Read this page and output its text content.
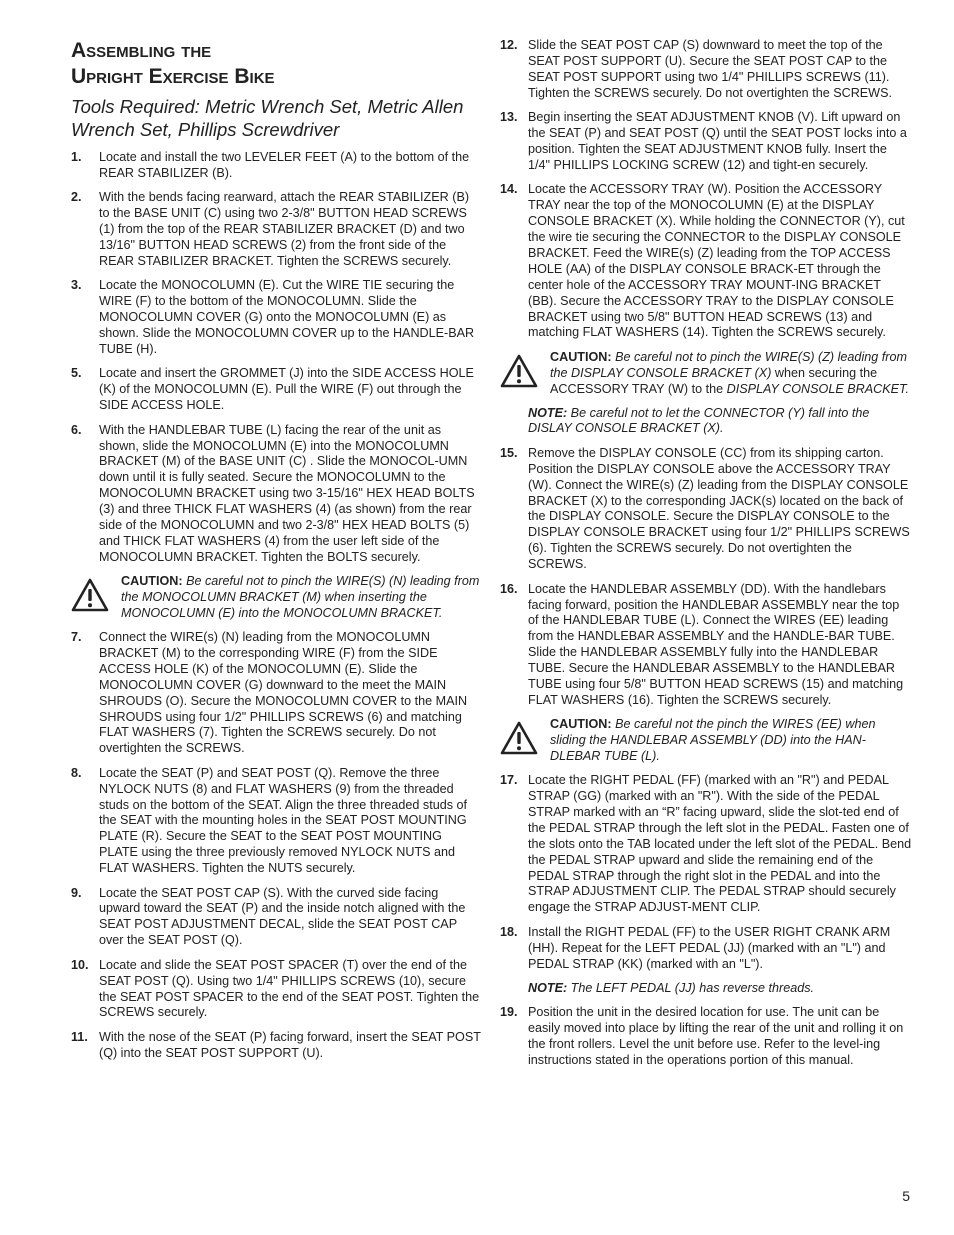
Assembling the
Upright Exercise Bike
Tools Required: Metric Wrench Set, Metric Allen Wrench Set, Phillips Screwdriver
1.	Locate and install the two LEVELER FEET (A) to the bottom of the REAR STABILIZER (B).
2.	With the bends facing rearward, attach the REAR STABILIZER (B) to the BASE UNIT (C) using two 2-3/8" BUTTON HEAD SCREWS (1) from the top of the REAR STABILIZER BRACKET (D) and two 13/16" BUTTON HEAD SCREWS (2) from the front side of the REAR STABILIZER BRACKET. Tighten the SCREWS securely.
3.	Locate the MONOCOLUMN (E). Cut the WIRE TIE securing the WIRE (F) to the bottom of the MONOCOLUMN. Slide the MONOCOLUMN COVER (G) onto the MONOCOLUMN (E) as shown. Slide the MONOCOLUMN COVER up to the HANDLE-BAR TUBE (H).
5.	Locate and insert the GROMMET (J) into the SIDE ACCESS HOLE (K) of the MONOCOLUMN (E). Pull the WIRE (F) out through the SIDE ACCESS HOLE.
6.	With the HANDLEBAR TUBE (L) facing the rear of the unit as shown, slide the MONOCOLUMN (E) into the MONOCOLUMN BRACKET (M) of the BASE UNIT (C) . Slide the MONOCOL-UMN down until it is fully seated. Secure the MONOCOLUMN to the MONOCOLUMN BRACKET using two 3-15/16" HEX HEAD BOLTS (3) and three THICK FLAT WASHERS (4) (as shown) from the rear side of the MONOCOLUMN and two 2-3/8" HEX HEAD BOLTS (5) and THICK FLAT WASHERS (4) from the user left side of the MONOCOLUMN BRACKET. Tighten the BOLTS securely.
CAUTION: Be careful not to pinch the WIRE(S) (N) leading from the MONOCOLUMN BRACKET (M) when inserting the MONOCOLUMN (E) into the MONOCOLUMN BRACKET.
7.	Connect the WIRE(s) (N) leading from the MONOCOLUMN BRACKET (M) to the corresponding WIRE (F) from the SIDE ACCESS HOLE (K) of the MONOCOLUMN (E). Slide the MONOCOLUMN COVER (G) downward to the meet the MAIN SHROUDS (O). Secure the MONOCOLUMN COVER to the MAIN SHROUDS using four 1/2" PHILLIPS SCREWS (6) and matching FLAT WASHERS (7). Tighten the SCREWS securely. Do not overtighten the SCREWS.
8.	Locate the SEAT (P) and SEAT POST (Q). Remove the three NYLOCK NUTS (8) and FLAT WASHERS (9) from the threaded studs on the bottom of the SEAT. Align the three threaded studs of the SEAT with the mounting holes in the SEAT POST MOUNTING PLATE (R). Secure the SEAT to the SEAT POST MOUNTING PLATE using the three previously removed NYLOCK NUTS and FLAT WASHERS. Tighten the NUTS securely.
9.	Locate the SEAT POST CAP (S). With the curved side facing upward toward the SEAT (P) and the inside notch aligned with the SEAT POST ADJUSTMENT DECAL, slide the SEAT POST CAP over the SEAT POST (Q).
10. Locate and slide the SEAT POST SPACER (T) over the end of the SEAT POST (Q). Using two 1/4" PHILLIPS SCREWS (10), secure the SEAT POST SPACER to the end of the SEAT POST. Tighten the SCREWS securely.
11. With the nose of the SEAT (P) facing forward, insert the SEAT POST (Q) into the SEAT POST SUPPORT (U).
12. Slide the SEAT POST CAP (S) downward to meet the top of the SEAT POST SUPPORT (U). Secure the SEAT POST CAP to the SEAT POST SUPPORT using two 1/4" PHILLIPS SCREWS (11). Tighten the SCREWS securely. Do not overtighten the SCREWS.
13. Begin inserting the SEAT ADJUSTMENT KNOB (V). Lift upward on the SEAT (P) and SEAT POST (Q) until the SEAT POST locks into a position. Tighten the SEAT ADJUSTMENT KNOB fully. Insert the 1/4" PHILLIPS LOCKING SCREW (12) and tight-en securely.
14. Locate the ACCESSORY TRAY (W). Position the ACCESSORY TRAY near the top of the MONOCOLUMN (E) at the DISPLAY CONSOLE BRACKET (X). While holding the CONNECTOR (Y), cut the wire tie securing the CONNECTOR to the DISPLAY CONSOLE BRACKET. Feed the WIRE(s) (Z) leading from the TOP ACCESS HOLE (AA) of the DISPLAY CONSOLE BRACK-ET through the center hole of the ACCESSORY TRAY MOUNT-ING BRACKET (BB). Secure the ACCESSORY TRAY to the DISPLAY CONSOLE BRACKET using two 5/8" BUTTON HEAD SCREWS (13) and matching FLAT WASHERS (14). Tighten the SCREWS securely.
CAUTION: Be careful not to pinch the WIRE(S) (Z) leading from the DISPLAY CONSOLE BRACKET (X) when securing the ACCESSORY TRAY (W) to the DISPLAY CONSOLE BRACKET.
NOTE: Be careful not to let the CONNECTOR (Y) fall into the DISLAY CONSOLE BRACKET (X).
15. Remove the DISPLAY CONSOLE (CC) from its shipping carton. Position the DISPLAY CONSOLE above the ACCESSORY TRAY (W). Connect the WIRE(s) (Z) leading from the DISPLAY CONSOLE BRACKET (X) to the corresponding JACK(s) located on the back of the DISPLAY CONSOLE. Secure the DISPLAY CONSOLE to the DISPLAY CONSOLE BRACKET using four 1/2" PHILLIPS SCREWS (6). Tighten the SCREWS securely. Do not overtighten the SCREWS.
16. Locate the HANDLEBAR ASSEMBLY (DD). With the handlebars facing forward, position the HANDLEBAR ASSEMBLY near the top of the HANDLEBAR TUBE (L). Connect the WIRES (EE) leading from the HANDLEBAR ASSEMBLY and the HANDLE-BAR TUBE. Slide the HANDLEBAR ASSEMBLY fully into the HANDLEBAR TUBE. Secure the HANDLEBAR ASSEMBLY to the HANDLEBAR TUBE using four 5/8" BUTTON HEAD SCREWS (15) and matching FLAT WASHERS (16). Tighten the SCREWS securely.
CAUTION: Be careful not the pinch the WIRES (EE) when sliding the HANDLEBAR ASSEMBLY (DD) into the HAN-DLEBAR TUBE (L).
17. Locate the RIGHT PEDAL (FF) (marked with an "R") and PEDAL STRAP (GG) (marked with an "R"). With the side of the PEDAL STRAP marked with an “R” facing upward, slide the slot-ted end of the PEDAL STRAP through the left slot in the PEDAL. Fasten one of the slots onto the TAB located under the left slot of the PEDAL. Bend the PEDAL STRAP upward and slide the remaining end of the PEDAL STRAP through the right slot in the PEDAL and into the STRAP ADJUSTMENT CLIP. The PEDAL STRAP should securely engage the STRAP ADJUST-MENT CLIP.
18. Install the RIGHT PEDAL (FF) to the USER RIGHT CRANK ARM (HH). Repeat for the LEFT PEDAL (JJ) (marked with an "L") and PEDAL STRAP (KK) (marked with an "L").
NOTE: The LEFT PEDAL (JJ) has reverse threads.
19. Position the unit in the desired location for use. The unit can be easily moved into place by lifting the rear of the unit and rolling it on the front rollers. Level the unit before use. Refer to the level-ing instructions stated in the operations portion of this manual.
5
